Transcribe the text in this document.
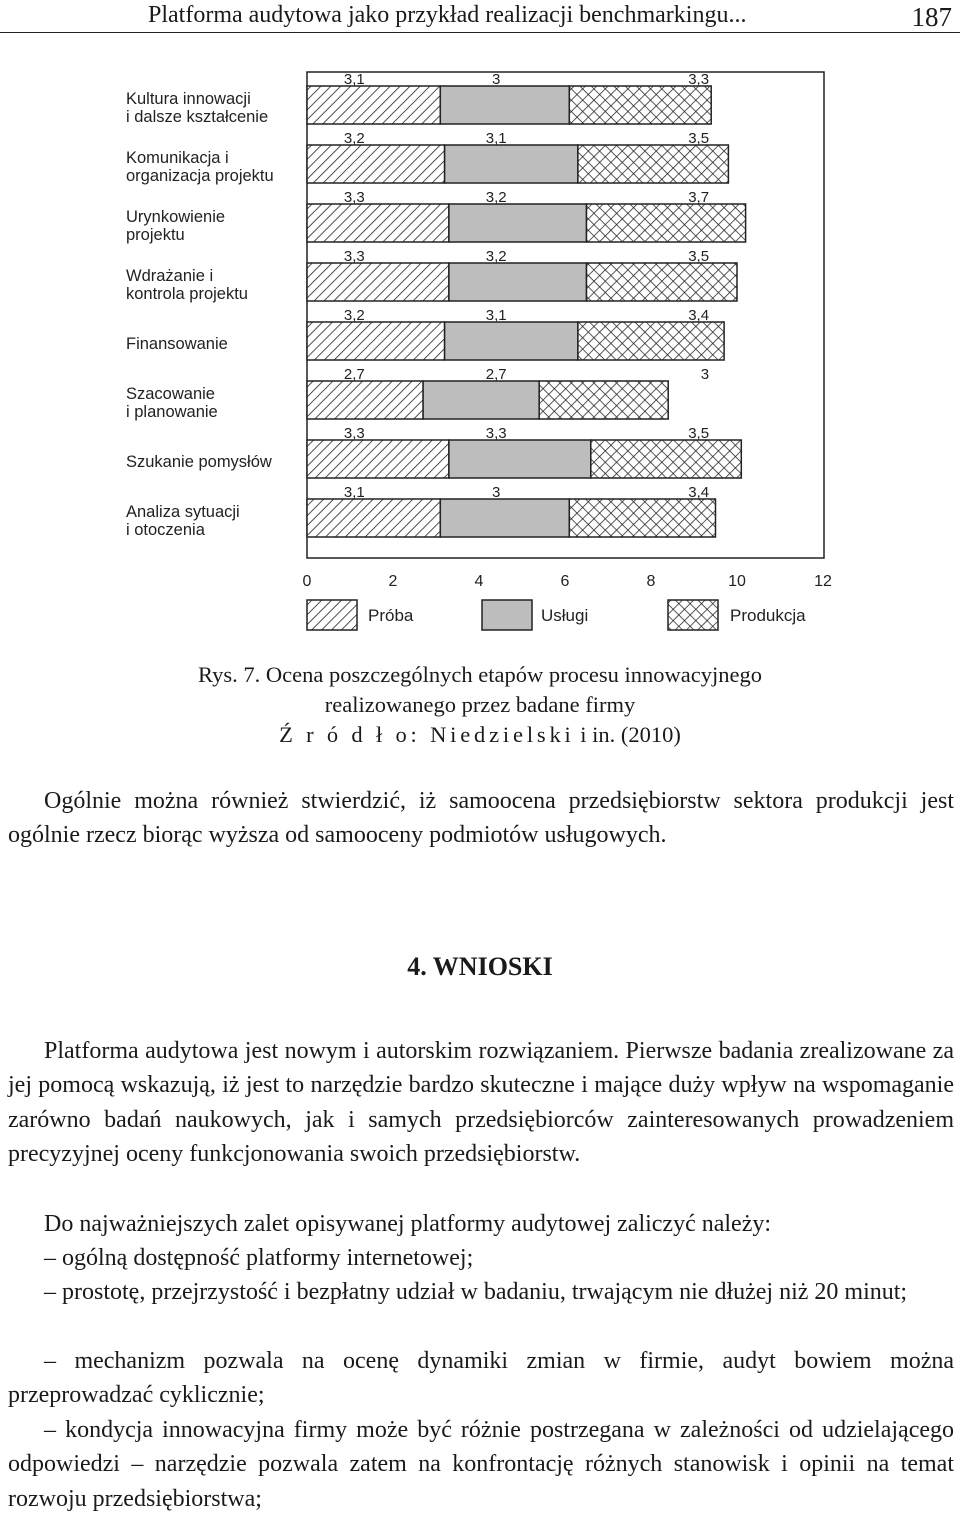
Platforma audytowa jako przykład realizacji benchmarkingu...	187
Kultura innowacji
i dalsze kształcenie
3,1	3	3,3
Komunikacja i
organizacja projektu
3,2	3,1	3,5
Urynkowienie
projektu
3,3	3,2	3,7
Wdrażanie i
kontrola projektu
3,3	3,2	3,5
Finansowanie
3,2	3,1	3,4
Szacowanie
i planowanie
2,7	2,7	3
Szukanie pomysłów
3,3	3,3	3,5
Analiza sytuacji
i otoczenia
3,1	3	3,4
0	2	4	6	8	10	12
Próba	Usługi	Produkcja
Rys. 7. Ocena poszczególnych etapów procesu innowacyjnego
realizowanego przez badane firmy
Ź r ó d ł o: Niedzielski i in. (2010)

Ogólnie można również stwierdzić, iż samoocena przedsiębiorstw sektora produkcji jest ogólnie rzecz biorąc wyższa od samooceny podmiotów usługowych.

4. WNIOSKI

Platforma audytowa jest nowym i autorskim rozwiązaniem. Pierwsze badania zrealizowane za jej pomocą wskazują, iż jest to narzędzie bardzo skuteczne i mające duży wpływ na wspomaganie zarówno badań naukowych, jak i samych przedsiębiorców zainteresowanych prowadzeniem precyzyjnej oceny funkcjonowania swoich przedsiębiorstw.

Do najważniejszych zalet opisywanej platformy audytowej zaliczyć należy:

– ogólną dostępność platformy internetowej;

– prostotę, przejrzystość i bezpłatny udział w badaniu, trwającym nie dłużej niż 20 minut;

– mechanizm pozwala na ocenę dynamiki zmian w firmie, audyt bowiem można przeprowadzać cyklicznie;

– kondycja innowacyjna firmy może być różnie postrzegana w zależności od udzielającego odpowiedzi – narzędzie pozwala zatem na konfrontację różnych stanowisk i opinii na temat rozwoju przedsiębiorstwa;
